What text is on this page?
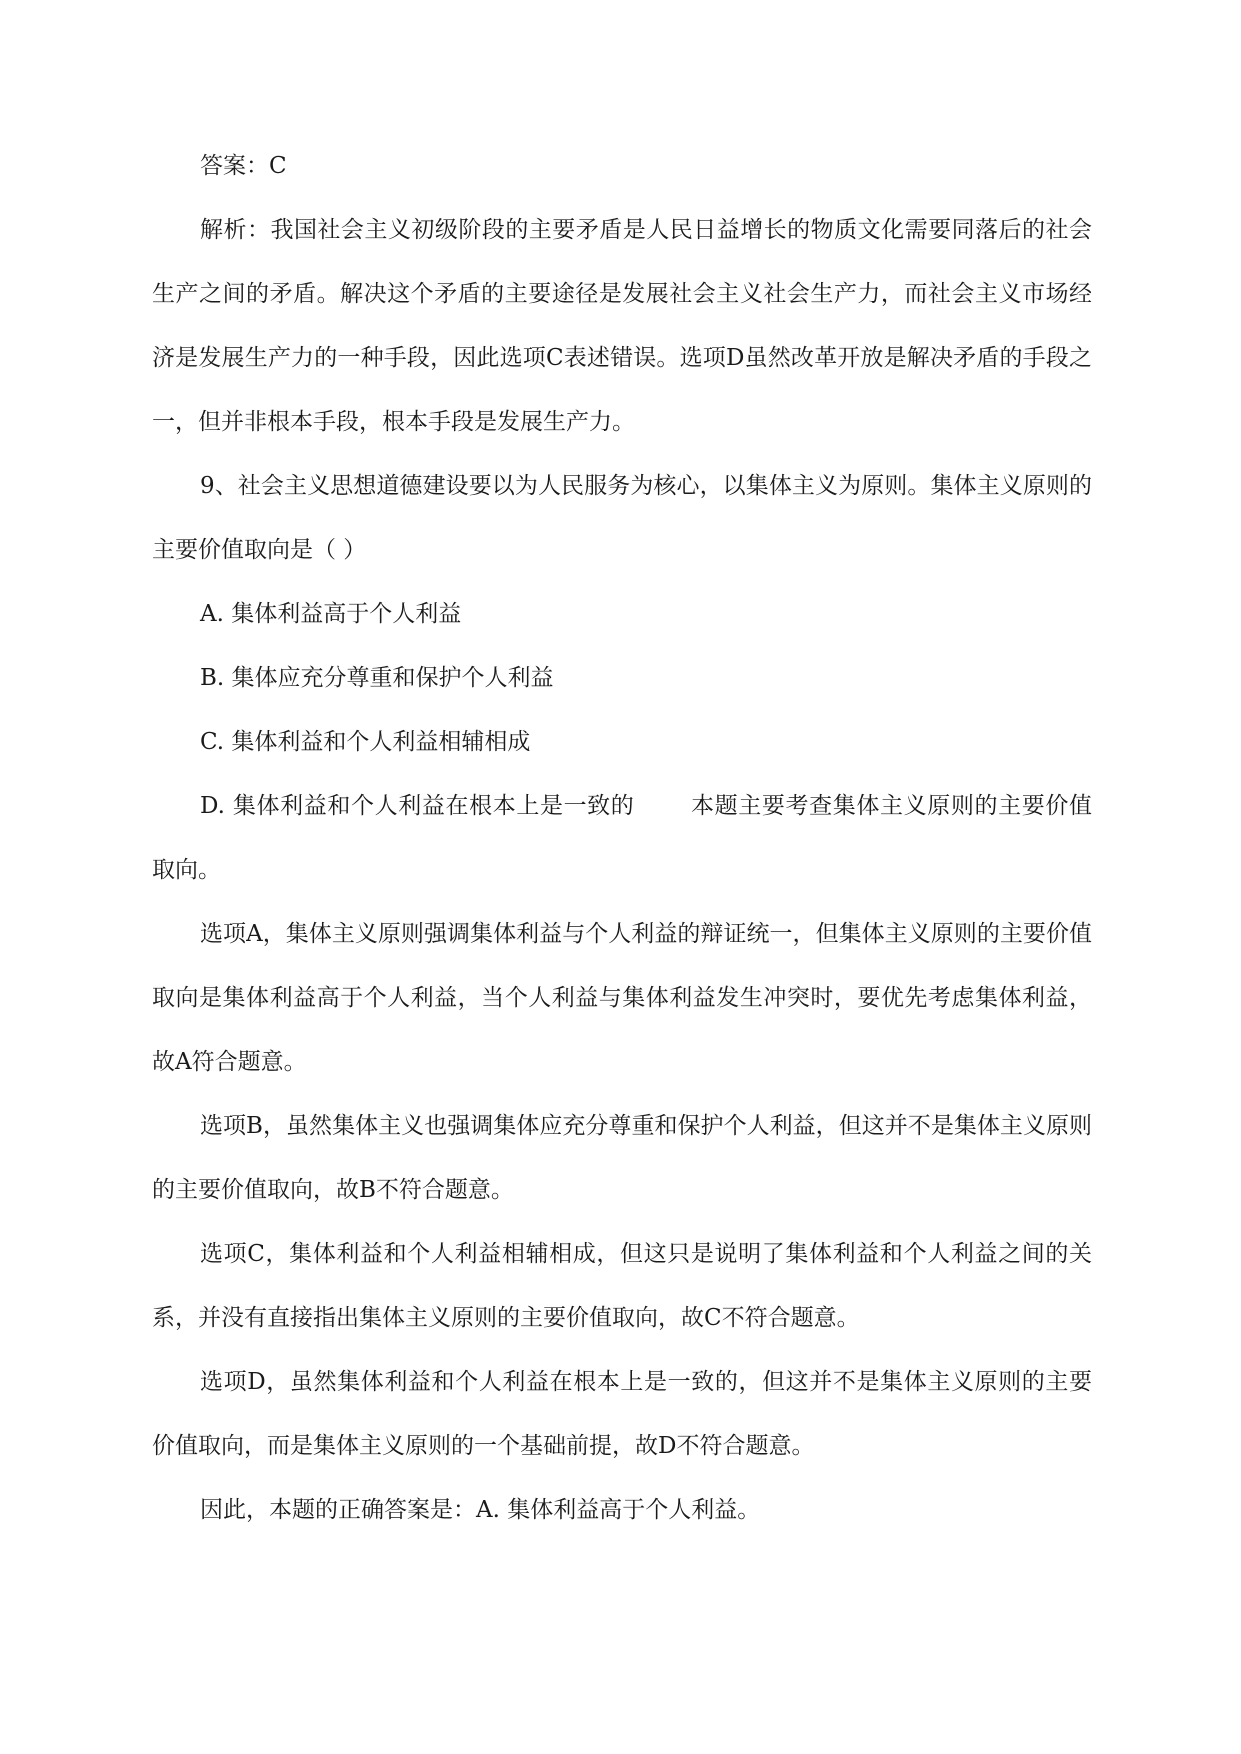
答案：C

解析：我国社会主义初级阶段的主要矛盾是人民日益增长的物质文化需要同落后的社会生产之间的矛盾。解决这个矛盾的主要途径是发展社会主义社会生产力，而社会主义市场经济是发展生产力的一种手段，因此选项C表述错误。选项D虽然改革开放是解决矛盾的手段之一，但并非根本手段，根本手段是发展生产力。

9、社会主义思想道德建设要以为人民服务为核心，以集体主义为原则。集体主义原则的主要价值取向是（ ）

A. 集体利益高于个人利益

B. 集体应充分尊重和保护个人利益

C. 集体利益和个人利益相辅相成

D. 集体利益和个人利益在根本上是一致的 本题主要考查集体主义原则的主要价值取向。

选项A，集体主义原则强调集体利益与个人利益的辩证统一，但集体主义原则的主要价值取向是集体利益高于个人利益，当个人利益与集体利益发生冲突时，要优先考虑集体利益，故A符合题意。

选项B，虽然集体主义也强调集体应充分尊重和保护个人利益，但这并不是集体主义原则的主要价值取向，故B不符合题意。

选项C，集体利益和个人利益相辅相成，但这只是说明了集体利益和个人利益之间的关系，并没有直接指出集体主义原则的主要价值取向，故C不符合题意。

选项D，虽然集体利益和个人利益在根本上是一致的，但这并不是集体主义原则的主要价值取向，而是集体主义原则的一个基础前提，故D不符合题意。

因此，本题的正确答案是：A. 集体利益高于个人利益。
